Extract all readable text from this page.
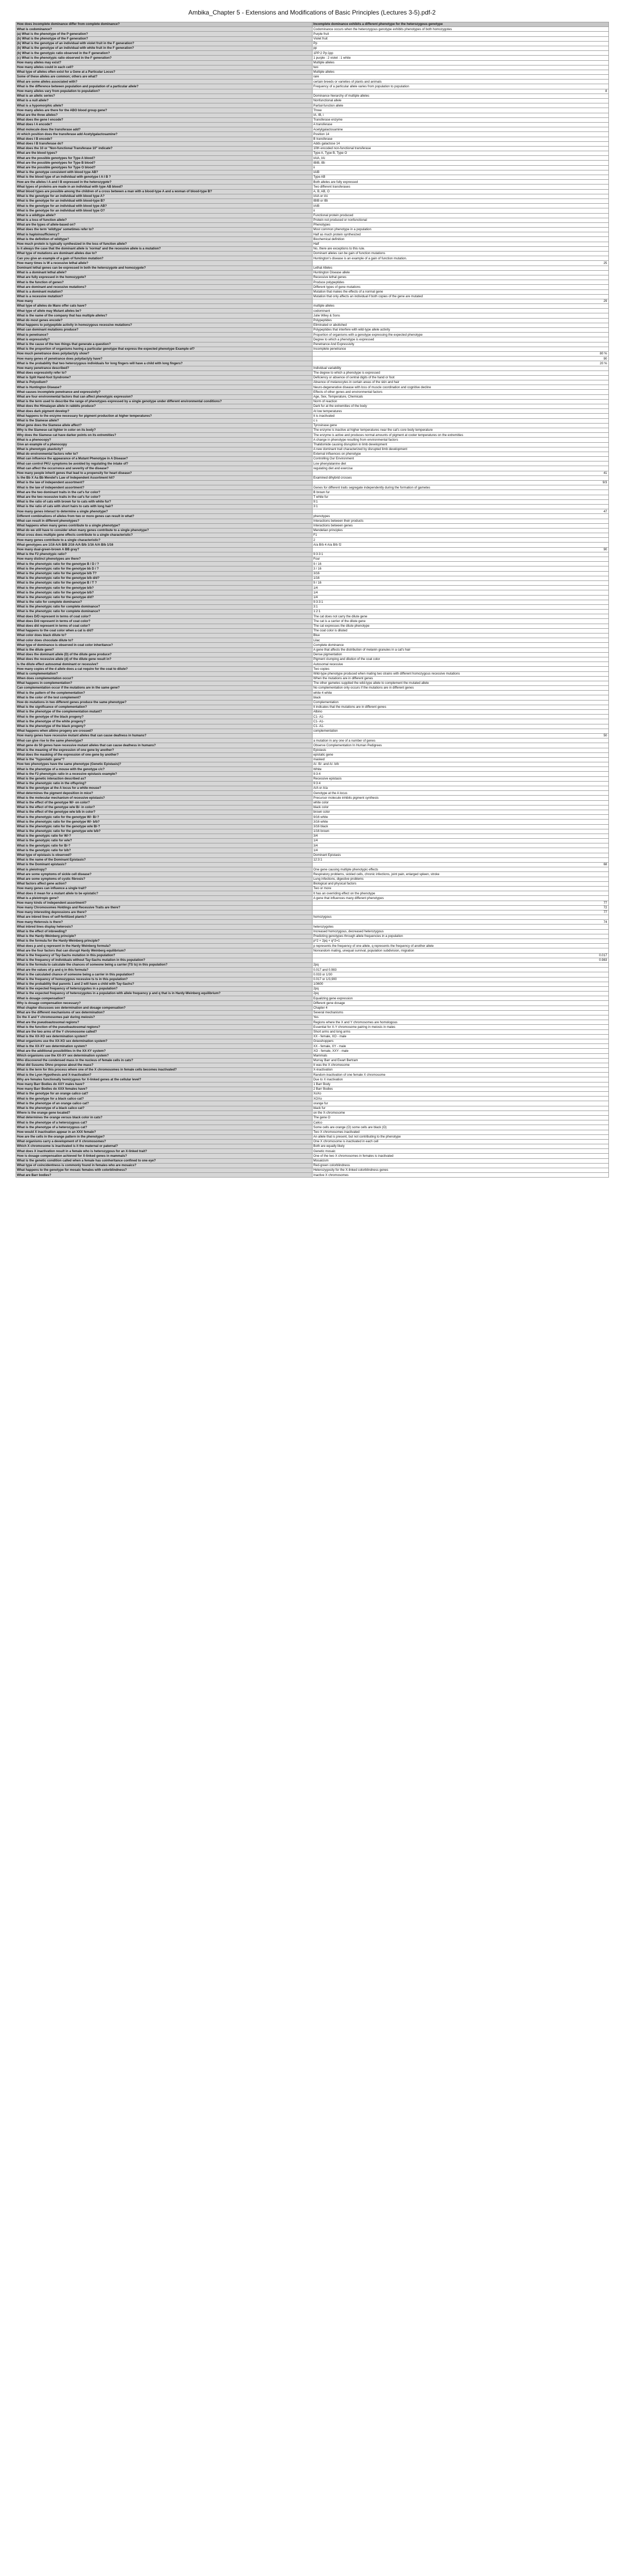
Ambika_Chapter 5 - Extensions and Modifications of Basic Principles (Lectures 3-5).pdf-2
How does incomplete dominance differ from complete dominance?	Incomplete dominance exhibits a different phenotype for the heterozygous genotype
What is codominance?	Codominance occurs when the heterozygous genotype exhibits phenotypes of both homozygotes
(a) What is the phenotype of the P generation?	Purple fruit
(b) What is the phenotype of the F generation?	Violet fruit
(b) What is the genotype of an individual with violet fruit in the F generation?	Pp
(b) What is the genotype of an individual with white fruit in the F generation?	pp
(b) What is the genotypic ratio observed in the F generation?	1PP:2 Pp:1pp
(c) What is the phenotypic ratio observed in the F generation?	1 purple : 2 violet : 1 white
How many alleles may exist?	Multiple alleles
How many alleles could in each cell?	two
What type of alleles often exist for a Gene at a Particular Locus?	Multiple alleles
Some of these alleles are common; others are what?	rare
What are some alleles associated with?	certain breeds or varieties of plants and animals
What is the difference between population and population of a particular allele?	Frequency of a particular allele varies from population to population
How many alleles vary from population to population?	8
What is an allelic series?	Dominance hierarchy of multiple alleles
What is a null allele?	Nonfunctional allele
What is a hypomorphic allele?	Partial-function allele
How many alleles are there for the ABO blood group gene?	Three
What are the three alleles?	IA, IB, i
What does the gene I encode?	Transferase enzyme
What does I A encode?	A transferase
What molecule does the transferase add?	Acetylgalactosamine
At which position does the transferase add Acetylgalactosamine?	Position 14
What does I B encode?	B transferase
What does I B transferase do?	Adds galactose 14
What does the 10 or "Non-functional Transferase 10" indicate?	10th encoded non-functional transferase
What are the blood types?	Type A, Type B, Type O
What are the possible genotypes for Type A blood?	IAIA, IAi
What are the possible genotypes for Type B blood?	IBIB, IBi
What are the possible genotypes for Type O blood?	ii
What is the genotype consistent with blood type AB?	IAIB
What is the blood type of an individual with genotype I A I B ?	Type AB
How are the alleles I A and I B expressed in the heterozygote?	Both alleles are fully expressed
What types of proteins are made in an individual with type AB blood?	Two different transferases
What blood types are possible among the children of a cross between a man with a blood-type A and a woman of blood-type B?	A, B, AB, O
What is the genotype for an individual with blood type A?	IAIA or IAi
What is the genotype for an individual with blood-type B?	IBIB or IBi
What is the genotype for an individual with blood type AB?	IAIB
What is the genotype for an individual with blood type O?	ii
What is a wildtype allele?	Functional protein produced
What is a loss of function allele?	Protein not produced or nonfunctional
What are the types of allele-based on?	Phenotypes
What does the term 'wildtype' sometimes refer to?	Most common phenotype in a population
What is haploinsufficiency?	Half as much protein synthesized
What is the definition of wildtype?	Biochemical definition
How much protein is typically synthesized in the loss of function allele?	Half
Is it always the case that the dominant allele is 'normal' and the recessive allele is a mutation?	No, there are exceptions to this rule.
What type of mutations are dominant alleles due to?	Dominant alleles can be gain of function mutations
Can you give an example of a gain of function mutation?	Huntington's disease is an example of a gain of function mutation.
How many times is W a recessive lethal allele?	25
Dominant lethal genes can be expressed in both the heterozygote and homozygote?	Lethal Alleles
What is a dominant lethal allele?	Huntington Disease allele
What are fully expressed in the homozygote?	Recessive lethal genes
What is the function of genes?	Produce polypeptides
What are dominant and recessive mutations?	Different types of gene mutations
What is a dominant mutation?	Mutation that makes the effects of a normal gene
What is a recessive mutation?	Mutation that only affects an individual if both copies of the gene are mutated
How many	29
What type of alleles do Manx offer cats have?	multiple alleles
What type of allele may Mutant alleles be?	codominant
What is the name of the company that has multiple alleles?	Julie Wiley & Sons
What do most genes encode?	Polypeptides
What happens to polypeptide activity in homozygous recessive mutations?	Eliminated or abolished
What can dominant mutations produce?	Polypeptides that interfere with wild-type allele activity
What is penetrance?	Proportion of organisms with a genotype expressing the expected phenotype
What is expressivity?	Degree to which a phenotype is expressed
What is the cause of the two things that generate a question?	Penetrance And Expressivity
What is the proportion of organisms having a particular genotype that express the expected phenotype Example of?	Incomplete penetrance
How much penetrance does polydactyly show?	80 %
How many genes of penetrance does polydactyly have?	90
What is the probability that two heterozygous individuals for long fingers will have a child with long fingers?	20 %
How many penetrance described?	Individual variability
What does expressivity refer to?	The degree to which a phenotype is expressed
What is Split Hand-foot Syndrome?	Deficiency or absence of central digits of the hand or foot
What is Polyodium?	Absence of melanocytes in certain areas of the skin and hair
What is Huntington Disease?	Neuro-degenerative disease with loss of muscle coordination and cognitive decline
What causes incomplete penetrance and expressivity?	Effects of other genes and environmental factors
What are four environmental factors that can affect phenotypic expression?	Age, Sex, Temperature, Chemicals
What is the term used to describe the range of phenotypes expressed by a single genotype under different environmental conditions?	Norm of reaction
What does the Himalayan allele in rabbits produce?	Dark fur at the extremities of the body
What does dark pigment develop?	At low temperatures
What happens to the enzyme necessary for pigment production at higher temperatures?	It is inactivated
What is the Siamese allele?	c s
What gene does the Siamese allele affect?	Tyrosinase gene
Why is the Siamese cat lighter in color on its body?	The enzyme is inactive at higher temperatures near the cat's core body temperature
Why does the Siamese cat have darker points on its extremities?	The enzyme is active and produces normal amounts of pigment at cooler temperatures on the extremities
What is a phenocopy?	A change in phenotype resulting from environmental factors
Give an example of a phenocopy	Thalidomide causing disruption in limb development
What is phenotypic plasticity?	A new dominant trait characterized by disrupted limb development
What do environmental factors refer to?	External influences on phenotype
What can influence the appearance of a Mutant Phenotype in A Disease?	Controlling Our Environment
What can control PKU symptoms be avoided by regulating the intake of?	Low phenylalanine diet
What can affect the occurrence and severity of the disease?	regulating diet and exercise
How many people inherit genes that lead to a propensity for heart disease?	41
Is the Bb X Aa Bb Mendel's Law of Independent Assortment hit?	Examined dihybrid crosses
What is the law of independent assortment?	9/3
What is the law of independent assortment?	Genes for different traits segregate independently during the formation of gametes
What are the two dominant traits in the cat's fur color?	B brown fur
What are the two recessive traits in the cat's fur color?	T white fur
What is the ratio of cats with brown fur to cats with white fur?	9:1
What is the ratio of cats with short hairs to cats with long hair?	3:1
How many genes interact to determine a single phenotype?	47
Different combinations of alleles from two or more genes can result in what?	phenotypes
What can result in different phenotypes?	Interactions between their products
What happens when many genes contribute to a single phenotype?	Interactions between genes
What do we still have to consider when many genes contribute to a single phenotype?	Mendelian principles
What cross does multiple gene effects contribute to a single characteristic?	F1
How many genes contribute to a single characteristic?	2
What genotypes are 1/16 A/A B/B 2/16 A/A B/b 1/16 A/A B/b 1/16	A/a B/b 4 A/a B/b f2
How many dual-green-brown A BB gray?	90
What is the F2 phenotypic ratio?	9:3:3:1
How many distinct phenotypes are there?	Four
What is the phenotypic ratio for the genotype B / D / ?	9 / 16
What is the phenotypic ratio for the genotype bb D / ?	3 / 16
What is the phenotypic ratio for the genotype b/b T?	3/16
What is the phenotypic ratio for the genotype b/b d/d?	1/16
What is the phenotypic ratio for the genotype B / T ?	9 / 16
What is the phenotypic ratio for the genotype b/b?	1/4
What is the phenotypic ratio for the genotype b/b?	1/4
What is the phenotypic ratio for the genotype d/d?	1/4
What is the ratio for complete dominance?	9:3:3:1
What is the phenotypic ratio for complete dominance?	3:1
What is the phenotypic ratio for complete dominance?	1:2:1
What does D/D represent in terms of coat color?	The cat does not carry the dilute gene
What does D/d represent in terms of coat color?	The cat is a carrier of the dilute gene
What does d/d represent in terms of coat color?	The cat expresses the dilute phenotype
What happens to the coat color when a cat is d/d?	The coat color is diluted
What color does black dilute to?	Blue
What color does chocolate dilute to?	Lilac
What type of dominance is observed in coat color inheritance?	Complete dominance
What is the dilute gene?	A gene that affects the distribution of melanin granules in a cat's hair
What does the dominant allele (D) of the dilute gene produce?	Dense pigmentation
What does the recessive allele (d) of the dilute gene result in?	Pigment clumping and dilution of the coat color
Is the dilute effect autosomal dominant or recessive?	Autosomal recessive
How many copies of the d allele does a cat require for the coat to dilute?	Two copies
What is complementation?	Wild-type phenotype produced when mating two strains with different homozygous recessive mutations
When does complementation occur?	When the mutations are in different genes
What happens in complementation?	The other gametes supplied the wild-type allele to complement the mutated allele
Can complementation occur if the mutations are in the same gene?	No complementation only occurs if the mutations are in different genes
What is the pattern of the complementation?	white 4 white
What is the color of the test complement?	black
How do mutations in two different genes produce the same phenotype?	Complementation
What is the significance of complementation?	It indicates that the mutations are in different genes
What is the phenotype of the complementation mutant?	Albino
What is the genotype of the black progeny?	C1- A1-
What is the phenotype of the white progeny?	C1- A1-
What is the phenotype of the black progeny?	C1- A1-
What happens when albino progeny are crossed?	complementation
How many genes have recessive mutant alleles that can cause deafness in humans?	50
What can give rise to the same phenotype?	a mutation in any one of a number of genes
What gene do 50 genes have recessive mutant alleles that can cause deafness in humans?	Observe Complementation In Human Pedigrees
What is the meaning of the expression of one gene by another?	Epistasis
What does the masking of the expression of one gene by another?	epistatic gene
What is the "hypostatic gene"?	masked
How two phenotypes have the same phenotype (Genetic Epistasis)?	A/- B/- and A/- b/b
What is the phenotype of a mouse with the genotype c/c?	White
What is the F2 phenotypic ratio in a recessive epistasis example?	9:3:4
What is the genetic interaction described as?	Recessive epistasis
What is the phenotypic ratio in the offspring?	9:3:4
What is the genotype at the A locus for a white mouse?	A/A or A/a
What determines the pigment deposition in mice?	Genotype at the A locus
What is the molecular mechanism of recessive epistasis?	Precursor molecule inhibits pigment synthesis
What is the effect of the genotype W/- on color?	white color
What is the effect of the genotype w/w B/- in color?	black color
What is the effect of the genotype w/w b/b in color?	brown color
What is the phenotypic ratio for the genotype W/- B/-?	9/16 white
What is the phenotypic ratio for the genotype W/- b/b?	3/16 white
What is the phenotypic ratio for the genotype w/w B/-?	3/16 black
What is the phenotypic ratio for the genotype w/w b/b?	1/16 brown
What is the genotypic ratio for W/-?	3/4
What is the genotypic ratio for w/w?	1/4
What is the genotypic ratio for B/-?	3/4
What is the genotypic ratio for b/b?	1/4
What type of epistasis is observed?	Dominant Epistasis
What is the name of the Dominant Epistasis?	12:3:1
What is the Dominant epistasis?	68
What is pleiotropy?	One gene causing multiple phenotypic effects
What are some symptoms of sickle cell disease?	Respiratory problems, sickled cells, chronic infections, joint pain, enlarged spleen, stroke
What are some symptoms of cystic fibrosis?	Lung infections, digestive problems
What factors affect gene action?	Biological and physical factors
How many genes can influence a single trait?	Two or more
What does it mean for a mutant allele to be epistatic?	It has an overriding effect on the phenotype
What is a pleiotropic gene?	A gene that influences many different phenotypes
How many kinds of independent assortment?	77
How many Chromosomes Holdings and Recessive Traits are there?	72
How many interesting depressions are there?	77
What are inbred lines of self-fertilized plants?	homozygous
How many Heterosis is there?	74
What inbred lines display heterosis?	heterozygotes
What is the effect of inbreeding?	Increased homozygous, decreased heterozygous
What is the Hardy-Weinberg principle?	Predicting genotypes through allele frequencies in a population
What is the formula for the Hardy-Weinberg principle?	p^2 + 2pq + q^2=1
What does p and q represent in the Hardy Weinberg formula?	p represents the frequency of one allele, q represents the frequency of another allele
What are the four factors that can disrupt Hardy Weinberg equilibrium?	Nonrandom mating, unequal survival, population subdivision, migration
What is the frequency of Tay-Sachs mutation in this population?	0.017
What is the frequency of individuals without Tay-Sachs mutation in this population?	0.983
What is the formula to calculate the chances of someone being a carrier (TS ts) in this population?	2pq
What are the values of p and q in this formula?	0.017 and 0.983
What is the calculated chance of someone being a carrier in this population?	0.033 or 1/30
What is the frequency of homozygous recessive ts ts in this population?	0.017 or 1/3,900
What is the probability that parents 1 and 2 will have a child with Tay-Sachs?	1/3600
What is the expected frequency of heterozygotes in a population?	2pq
What is the expected frequency of heterozygotes in a population with allele frequency p and q that is in Hardy-Weinberg equilibrium?	2pq
What is dosage compensation?	Equalizing gene expression
Why is dosage compensation necessary?	Different gene dosage
What chapter discusses sex determination and dosage compensation?	Chapter 4
What are the different mechanisms of sex determination?	Several mechanisms
Do the X and Y chromosomes pair during meiosis?	Yes
What are the pseudoautosomal regions?	Regions where the X and Y chromosomes are homologous
What is the function of the pseudoautosomal regions?	Essential for X-Y chromosome pairing in meiosis in males
What are the two arms of the Y chromosome called?	Short arms and long arms
What is the XX-XO sex determination system?	XX - female, XO - male
What organisms use the XX-XO sex determination system?	Grasshoppers
What is the XX-XY sex determination system?	XX - female, XY - male
What are the additional possibilities in the XX-XY system?	XO - female, XXY - male
Which organisms use the XX-XY sex determination system?	Mammals
Who discovered the condensed mass in the nucleus of female cells in cats?	Murray Barr and Ewart Bertram
What did Susumu Ohno propose about the mass?	It was the X chromosome
What is the term for this process where one of the X chromosomes in female cells becomes inactivated?	X-inactivation
What is the Lyon Hypothesis and X-inactivation?	Random inactivation of one female X chromosome
Why are females functionally hemizygous for X-linked genes at the cellular level?	Due to X inactivation
How many Barr Bodies do XXY males have?	1 Barr Body
How many Barr Bodies do XXX females have?	2 Barr Bodies
What is the genotype for an orange calico cat?	XoXo
What is the genotype for a black calico cat?	XOXo
What is the phenotype of an orange calico cat?	orange fur
What is the phenotype of a black calico cat?	black fur
Where is the orange gene located?	on the X-chromosome
What determines the orange versus black color in cats?	The gene O
What is the phenotype of a heterozygous cat?	Calico
What is the phenotype of a heterozygous cat?	Some cells are orange (O) some cells are black (O)
How would X inactivation appear in an XXX female?	Two X chromosomes inactivated
How are the cells in the orange pattern in the phenotype?	An allele that is present, but not contributing to the phenotype
What organisms carry a development of X chromosomes?	One X chromosome is inactivated in each cell
Which X chromosome is inactivated is it the maternal or paternal?	Both are equally likely
What does X inactivation result in a female who is heterozygous for an X-linked trait?	Genetic mosaic
How is dosage compensation achieved for X-linked genes in mammals?	One of the two X chromosomes in females is inactivated
What is the genetic condition called when a female has coinheritance confined to one eye?	Mosaicism
What type of coincidentness is commonly found in females who are mosaics?	Red-green colorblindness
What happens to the genotype for mosaic females with colorblindness?	Heterozygosity for the X-linked colorblindness genes
What are Barr bodies?	Inactive X chromosomes
